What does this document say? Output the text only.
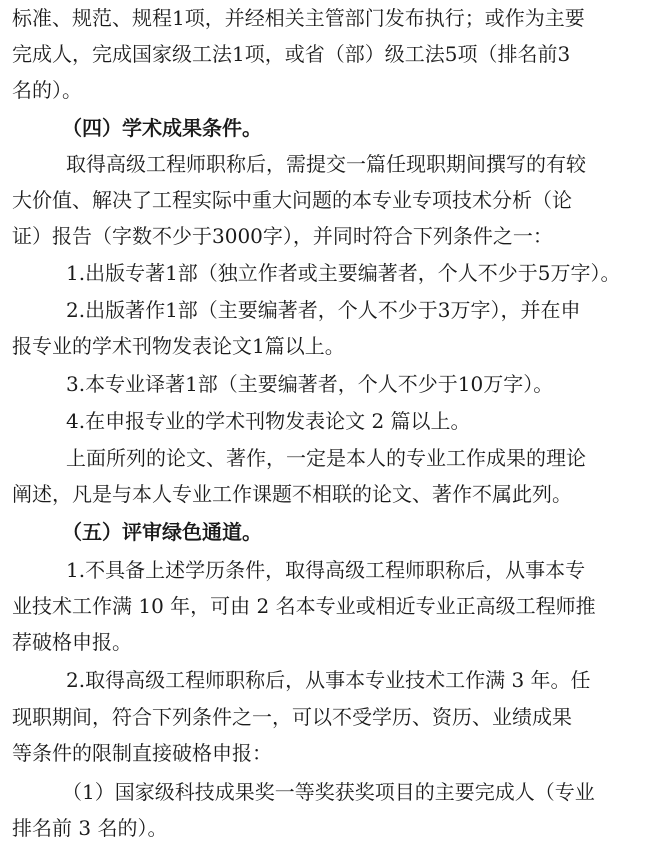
标准、规范、规程1项，并经相关主管部门发布执行；或作为主要
完成人，完成国家级工法1项，或省（部）级工法5项（排名前3
名的）。
（四）学术成果条件。
取得高级工程师职称后，需提交一篇任现职期间撰写的有较
大价值、解决了工程实际中重大问题的本专业专项技术分析（论
证）报告（字数不少于3000字），并同时符合下列条件之一：
1.出版专著1部（独立作者或主要编著者，个人不少于5万字）。
2.出版著作1部（主要编著者，个人不少于3万字），并在申
报专业的学术刊物发表论文1篇以上。
3.本专业译著1部（主要编著者，个人不少于10万字）。
4.在申报专业的学术刊物发表论文 2 篇以上。
上面所列的论文、著作，一定是本人的专业工作成果的理论
阐述，凡是与本人专业工作课题不相联的论文、著作不属此列。
（五）评审绿色通道。
1.不具备上述学历条件，取得高级工程师职称后，从事本专
业技术工作满 10 年，可由 2 名本专业或相近专业正高级工程师推
荐破格申报。
2.取得高级工程师职称后，从事本专业技术工作满 3 年。任
现职期间，符合下列条件之一，可以不受学历、资历、业绩成果
等条件的限制直接破格申报：
（1）国家级科技成果奖一等奖获奖项目的主要完成人（专业
排名前 3 名的）。
